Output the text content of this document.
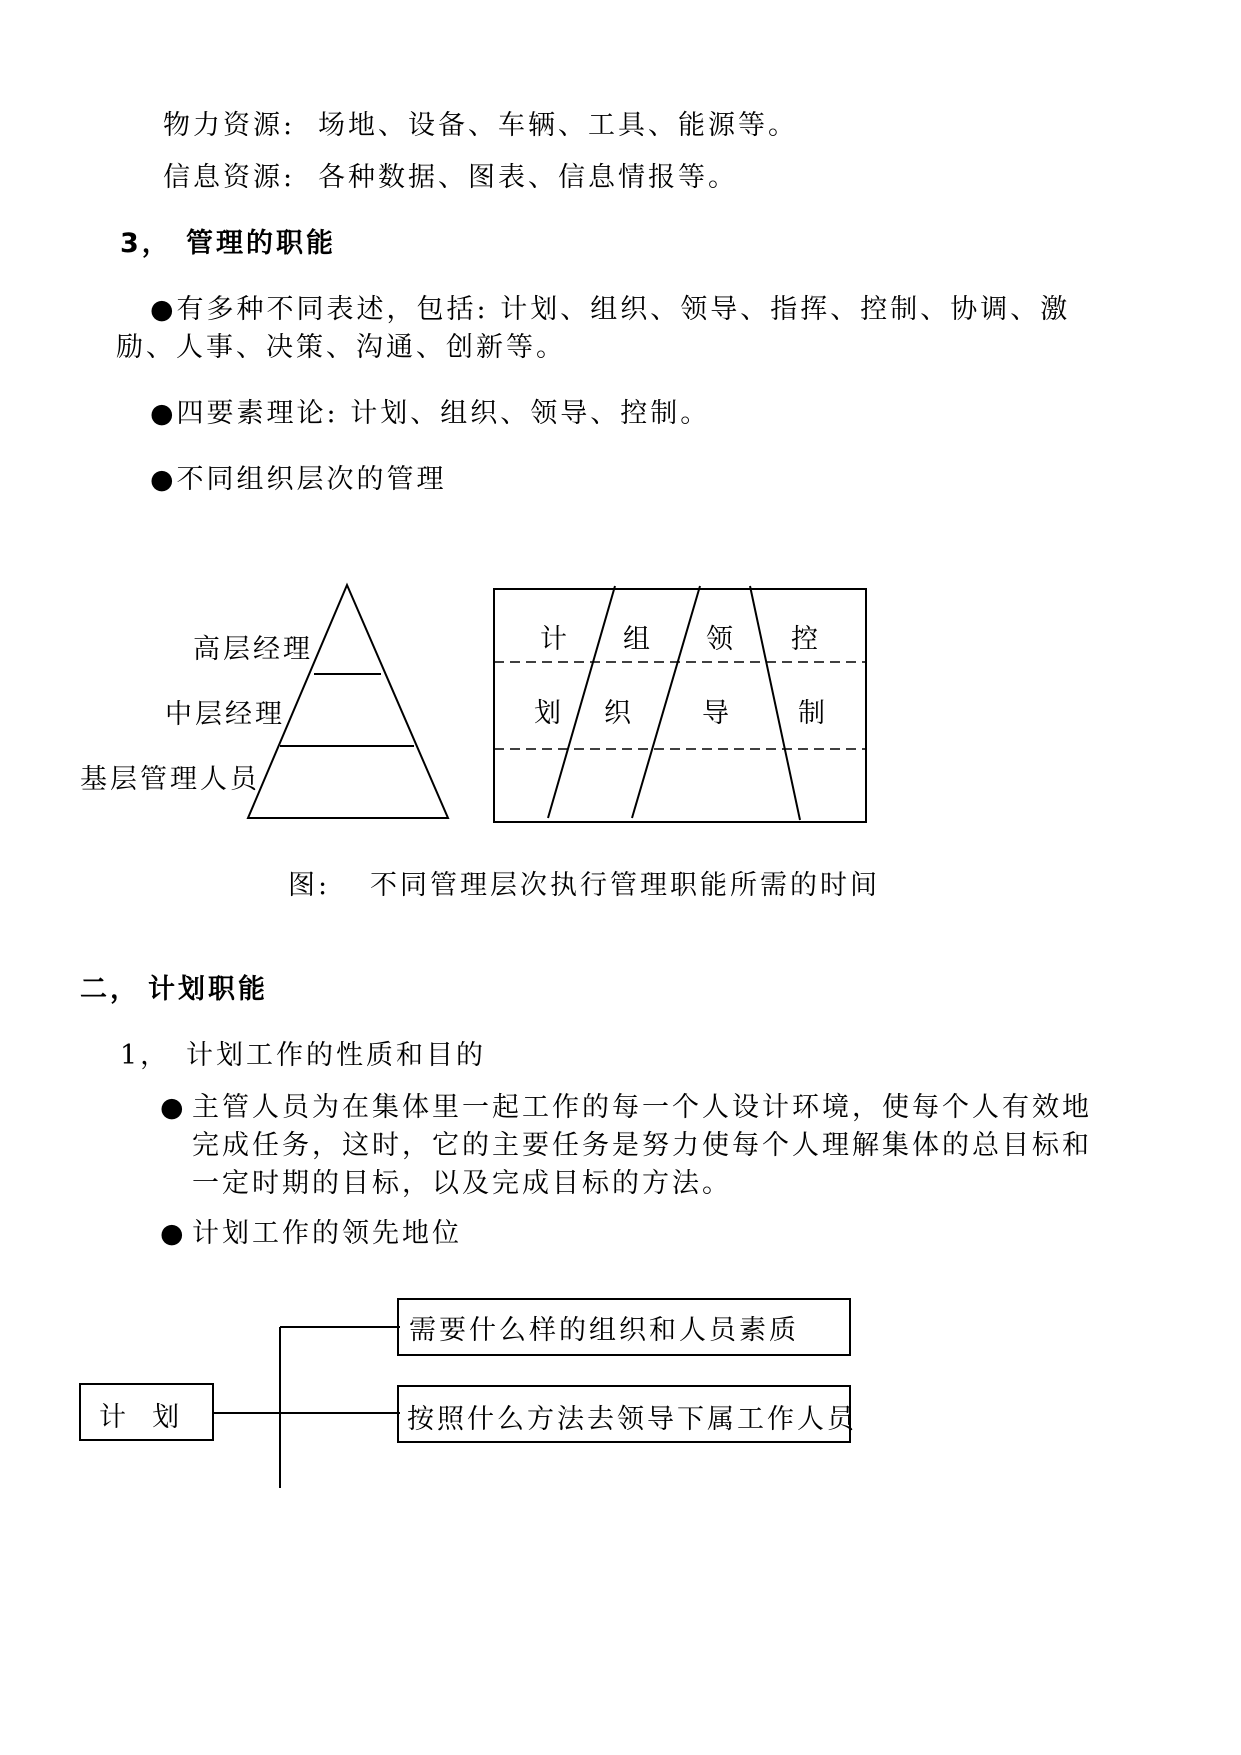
物力资源: 场地、设备、车辆、工具、能源等。
信息资源: 各种数据、图表、信息情报等。
3， 管理的职能
●有多种不同表述，包括: 计划、组织、领导、指挥、控制、协调、激
励、人事、决策、沟通、创新等。
●四要素理论: 计划、组织、领导、控制。
●不同组织层次的管理
高层经理
中层经理
基层管理人员
计 组 领 控
划 织	导	制
图: 不同管理层次执行管理职能所需的时间
二， 计划职能
1， 计划工作的性质和目的
● 主管人员为在集体里一起工作的每一个人设计环境，使每个人有效地
完成任务，这时，它的主要任务是努力使每个人理解集体的总目标和
一定时期的目标，以及完成目标的方法。
● 计划工作的领先地位
计  划
需要什么样的组织和人员素质
按照什么方法去领导下属工作人员
